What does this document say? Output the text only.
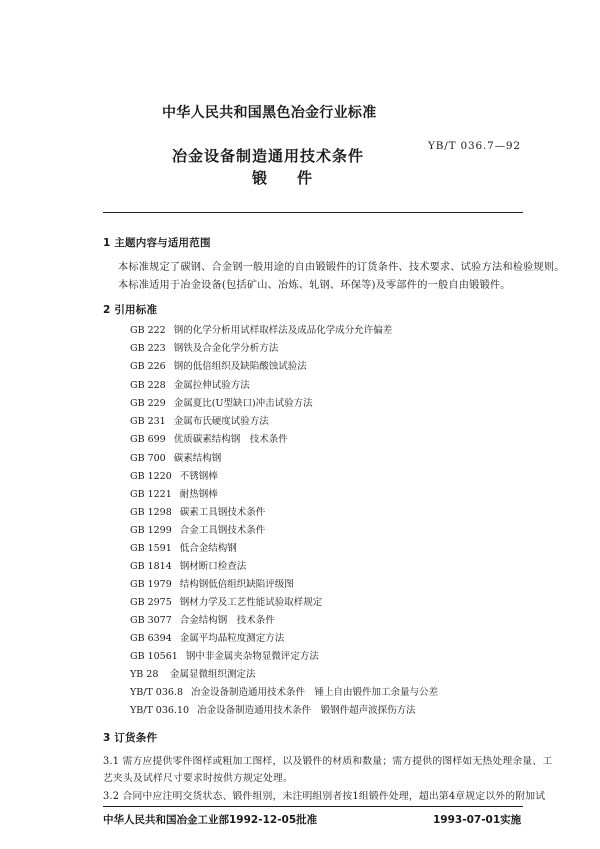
中华人民共和国黑色冶金行业标准
冶金设备制造通用技术条件
YB/T 036.7—92
锻　　件
1 主题内容与适用范围
本标准规定了碳钢、合金钢一般用途的自由锻锻件的订货条件、技术要求、试验方法和检验规则。
本标准适用于冶金设备(包括矿山、冶炼、轧钢、环保等)及零部件的一般自由锻锻件。
2 引用标准
GB 222 钢的化学分析用试样取样法及成品化学成分允许偏差
GB 223 钢铁及合金化学分析方法
GB 226 钢的低倍组织及缺陷酸蚀试验法
GB 228 金属拉伸试验方法
GB 229 金属夏比(U型缺口)冲击试验方法
GB 231 金属布氏硬度试验方法
GB 699 优质碳素结构钢　技术条件
GB 700 碳素结构钢
GB 1220 不锈钢棒
GB 1221 耐热钢棒
GB 1298 碳素工具钢技术条件
GB 1299 合金工具钢技术条件
GB 1591 低合金结构钢
GB 1814 钢材断口检查法
GB 1979 结构钢低倍组织缺陷评级图
GB 2975 钢材力学及工艺性能试验取样规定
GB 3077 合金结构钢　技术条件
GB 6394 金属平均晶粒度测定方法
GB 10561 钢中非金属夹杂物显微评定方法
YB 28 金属显微组织测定法
YB/T 036.8 冶金设备制造通用技术条件　锤上自由锻件加工余量与公差
YB/T 036.10 冶金设备制造通用技术条件　锻钢件超声波探伤方法
3 订货条件
3.1 需方应提供零件图样或粗加工图样，以及锻件的材质和数量；需方提供的图样如无热处理余量、工
艺夹头及试样尺寸要求时按供方规定处理。
3.2 合同中应注明交货状态、锻件组别，未注明组别者按1组锻件处理，超出第4章规定以外的附加试
中华人民共和国冶金工业部1992-12-05批准	1993-07-01实施
